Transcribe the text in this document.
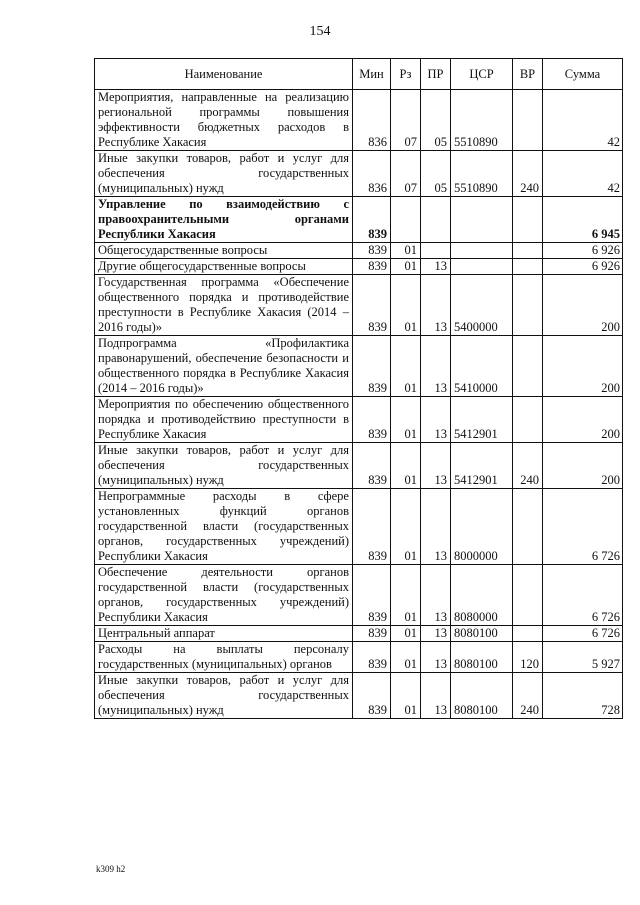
154
Наименование	Мин	Рз	ПР	ЦСР	ВР	Сумма
Мероприятия, направленные на реализацию региональной программы повышения эффективности бюджетных расходов в Республике Хакасия	836	07	05	5510890		42
Иные закупки товаров, работ и услуг для обеспечения государственных (муниципальных) нужд	836	07	05	5510890	240	42
Управление по взаимодействию с правоохранительными органами Республики Хакасия	839					6 945
Общегосударственные вопросы	839	01				6 926
Другие общегосударственные вопросы	839	01	13			6 926
Государственная программа «Обеспечение общественного порядка и противодействие преступности в Республике Хакасия (2014 – 2016 годы)»	839	01	13	5400000		200
Подпрограмма «Профилактика правонарушений, обеспечение безопасности и общественного порядка в Республике Хакасия (2014 – 2016 годы)»	839	01	13	5410000		200
Мероприятия по обеспечению общественного порядка и противодействию преступности в Республике Хакасия	839	01	13	5412901		200
Иные закупки товаров, работ и услуг для обеспечения государственных (муниципальных) нужд	839	01	13	5412901	240	200
Непрограммные расходы в сфере установленных функций органов государственной власти (государственных органов, государственных учреждений) Республики Хакасия	839	01	13	8000000		6 726
Обеспечение деятельности органов государственной власти (государственных органов, государственных учреждений) Республики Хакасия	839	01	13	8080000		6 726
Центральный аппарат	839	01	13	8080100		6 726
Расходы на выплаты персоналу государственных (муниципальных) органов	839	01	13	8080100	120	5 927
Иные закупки товаров, работ и услуг для обеспечения государственных (муниципальных) нужд	839	01	13	8080100	240	728
k309 h2
